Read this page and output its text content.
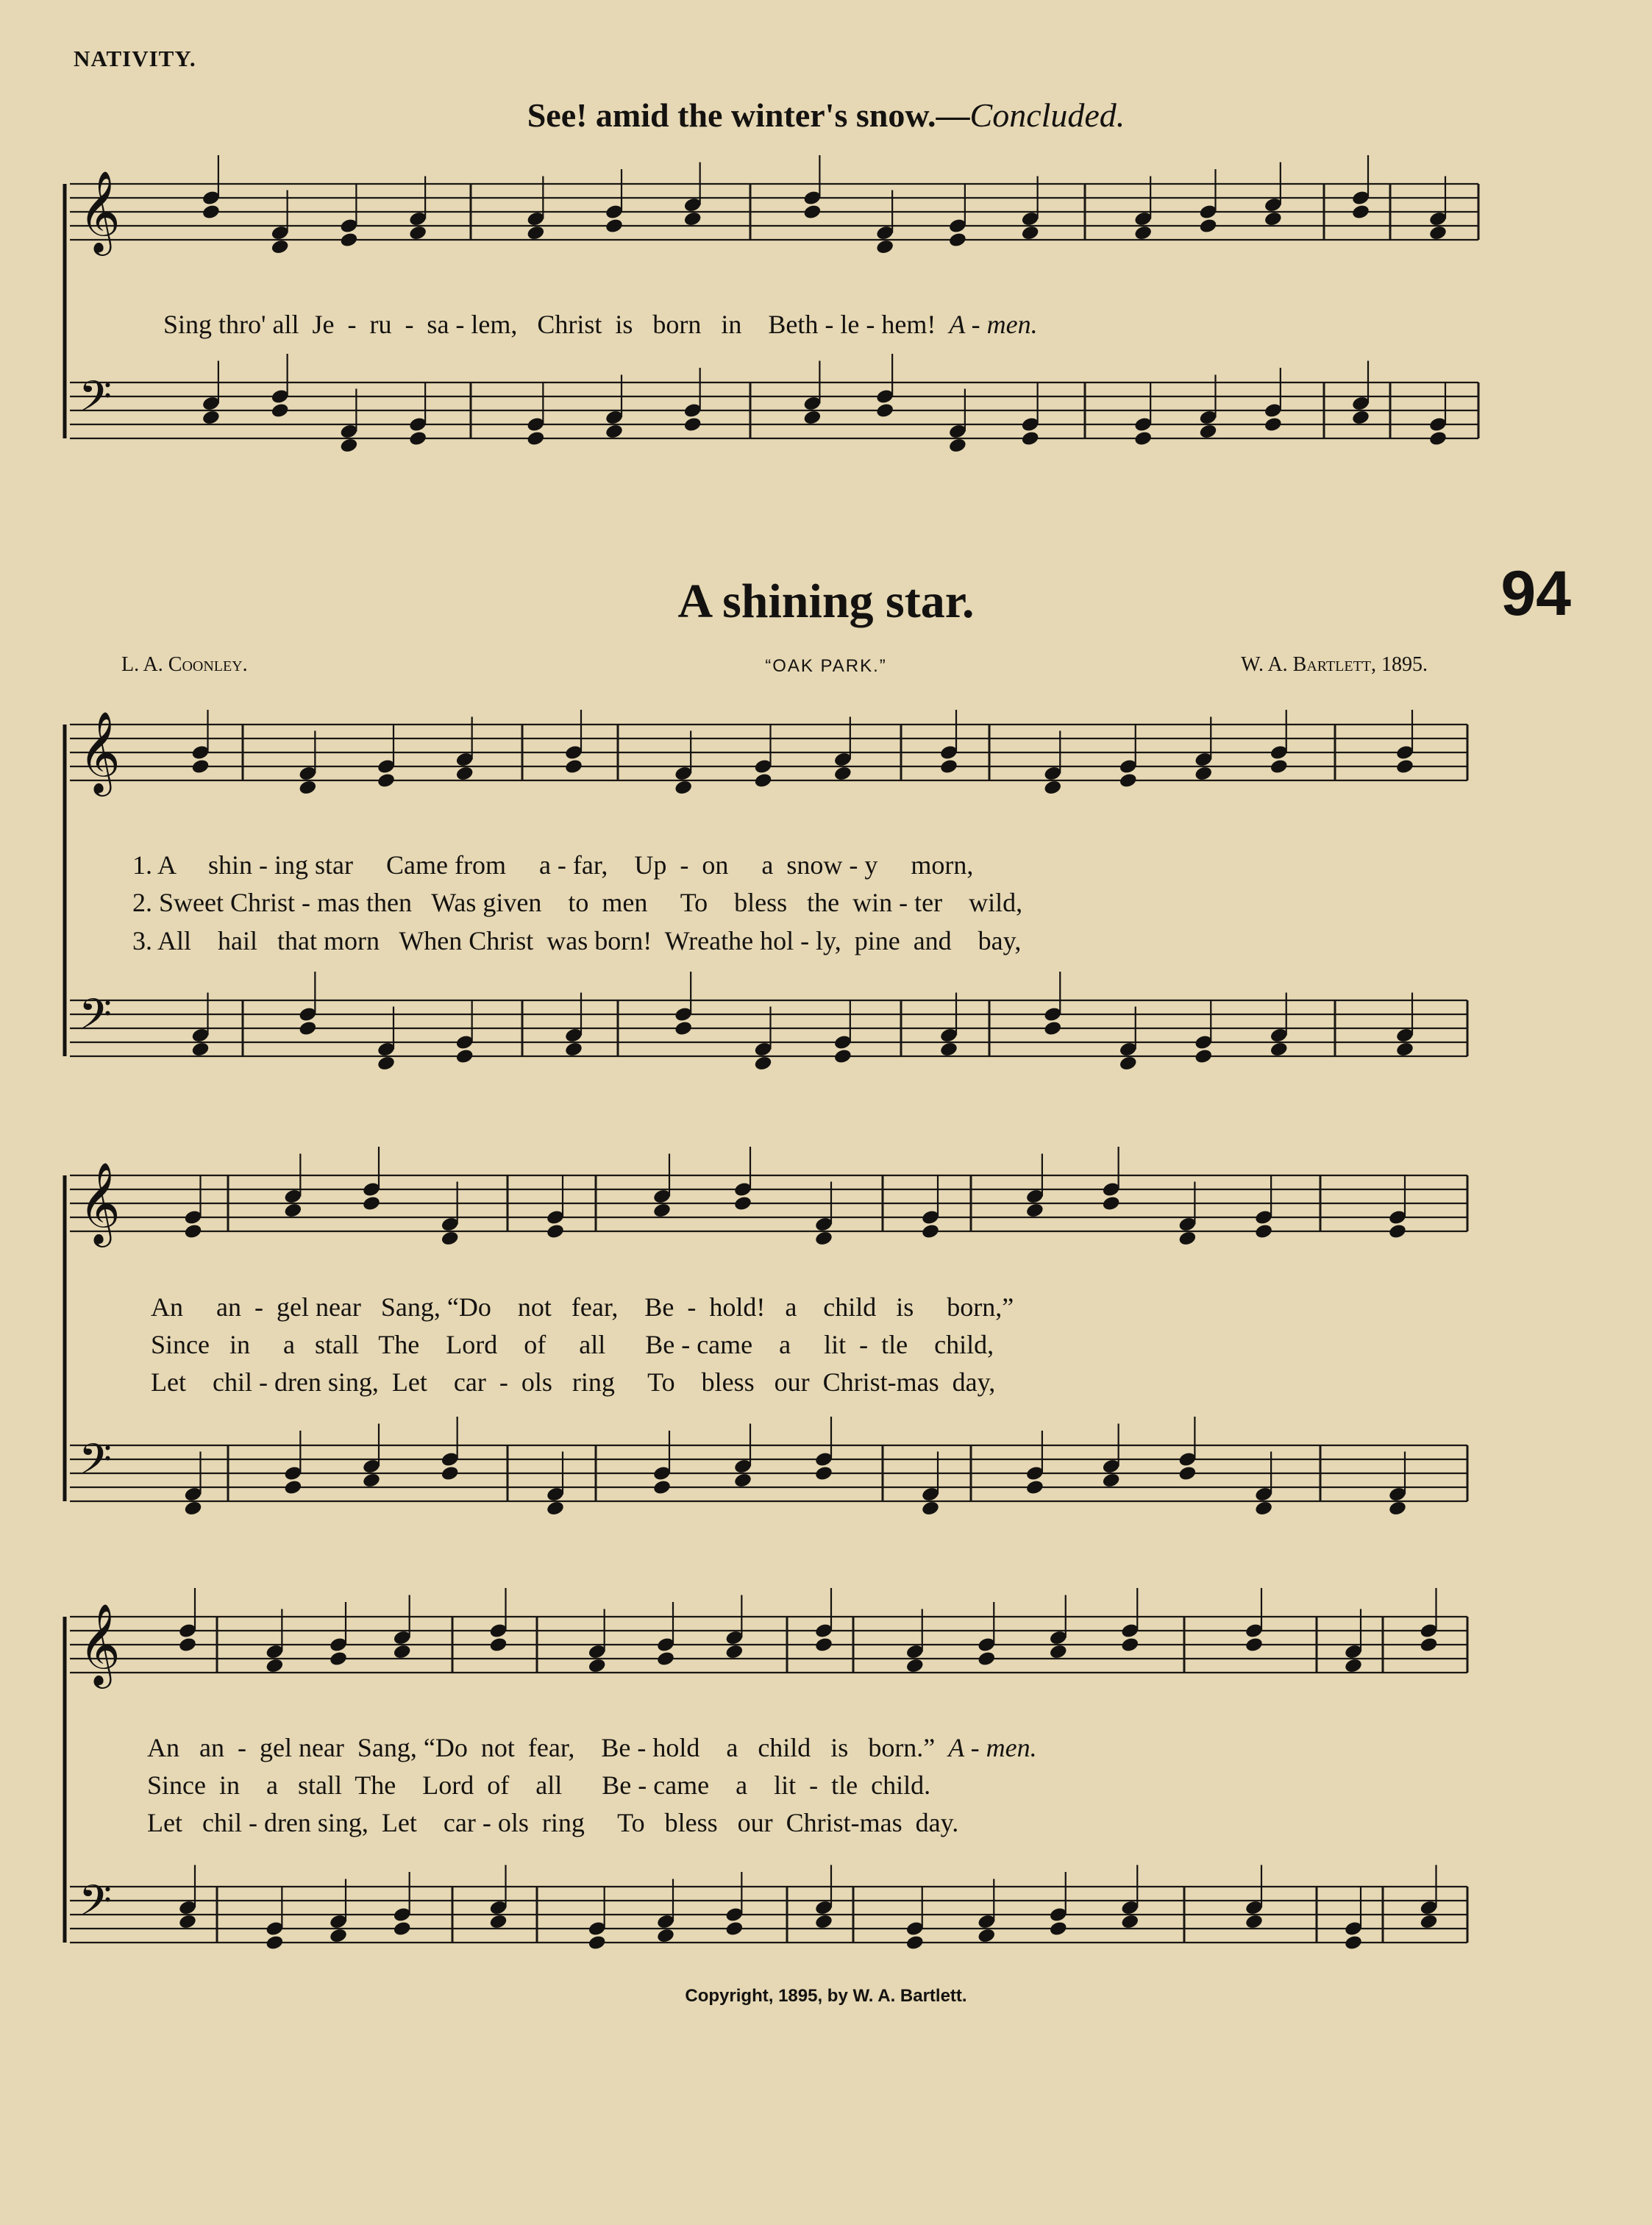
NATIVITY.
94
See! amid the winter's snow.—Concluded.
A shining star.
L. A. Coonley.	“OAK PARK.”	W. A. Bartlett, 1895.
Sing thro' all  Je  -  ru  -  sa - lem,   Christ  is   born   in    Beth - le - hem! A - men.
1. A     shin - ing star     Came from     a - far,    Up  -  on     a  snow - y     morn,
2. Sweet Christ - mas then   Was given    to  men     To    bless   the  win - ter    wild,
3. All    hail   that morn   When Christ  was born!  Wreathe hol - ly,  pine  and    bay,
An     an  -  gel near   Sang, “Do    not   fear,    Be  -  hold!   a    child   is     born,”
Since   in     a   stall   The    Lord    of     all      Be - came    a     lit  -  tle    child,
Let    chil - dren sing,  Let    car  -  ols   ring     To    bless   our  Christ-mas  day,
An   an  -  gel near  Sang, “Do  not  fear,    Be - hold    a   child   is   born.” A - men.
Since  in    a   stall  The    Lord  of    all      Be - came    a    lit  -  tle  child.
Let   chil - dren sing,  Let    car - ols  ring     To   bless   our  Christ-mas  day.
Copyright, 1895, by W. A. Bartlett.
𝄞
𝄢
𝄞
𝄢
𝄞
𝄢
𝄞
𝄢
